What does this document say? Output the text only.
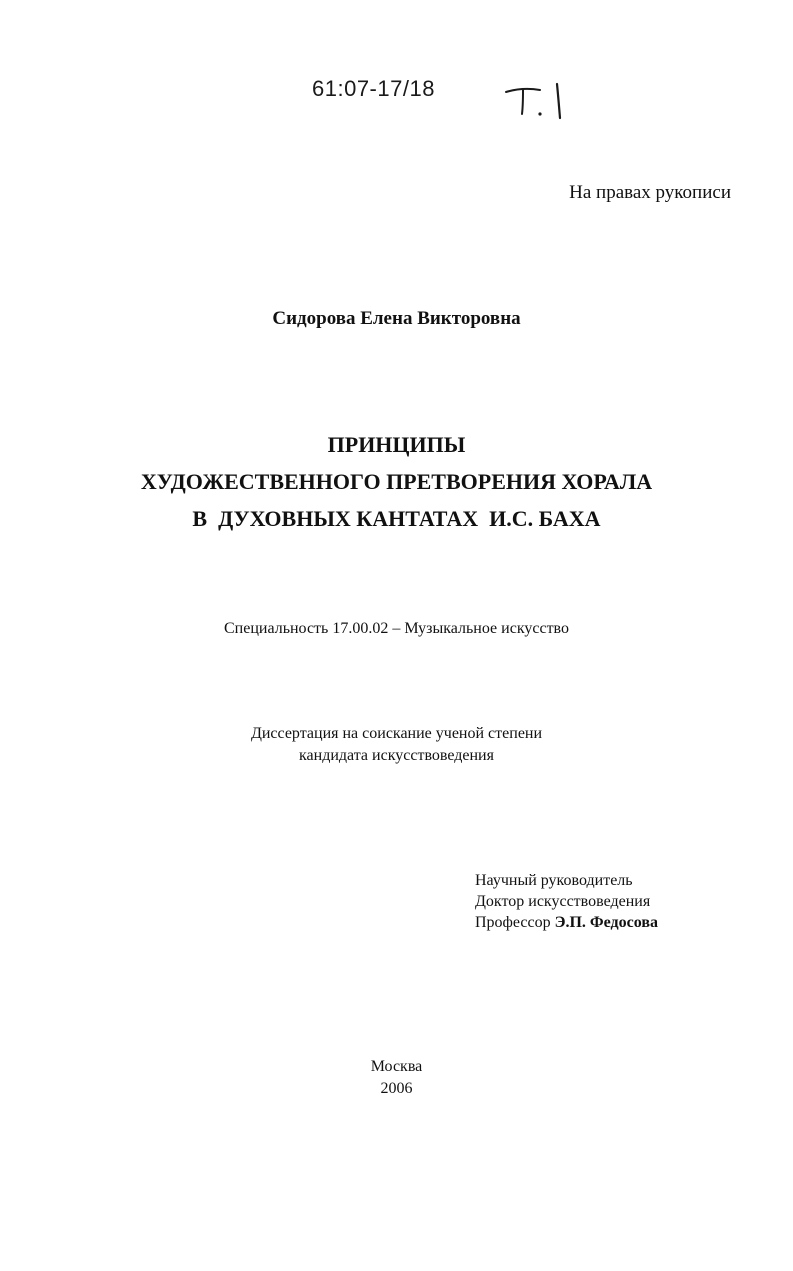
61:07-17/18
На правах рукописи
Сидорова Елена Викторовна
ПРИНЦИПЫ
ХУДОЖЕСТВЕННОГО ПРЕТВОРЕНИЯ ХОРАЛА
В  ДУХОВНЫХ КАНТАТАХ  И.С. БАХА
Специальность 17.00.02 – Музыкальное искусство
Диссертация на соискание ученой степени
кандидата искусствоведения
Научный руководитель
Доктор искусствоведения
Профессор Э.П. Федосова
Москва
2006
